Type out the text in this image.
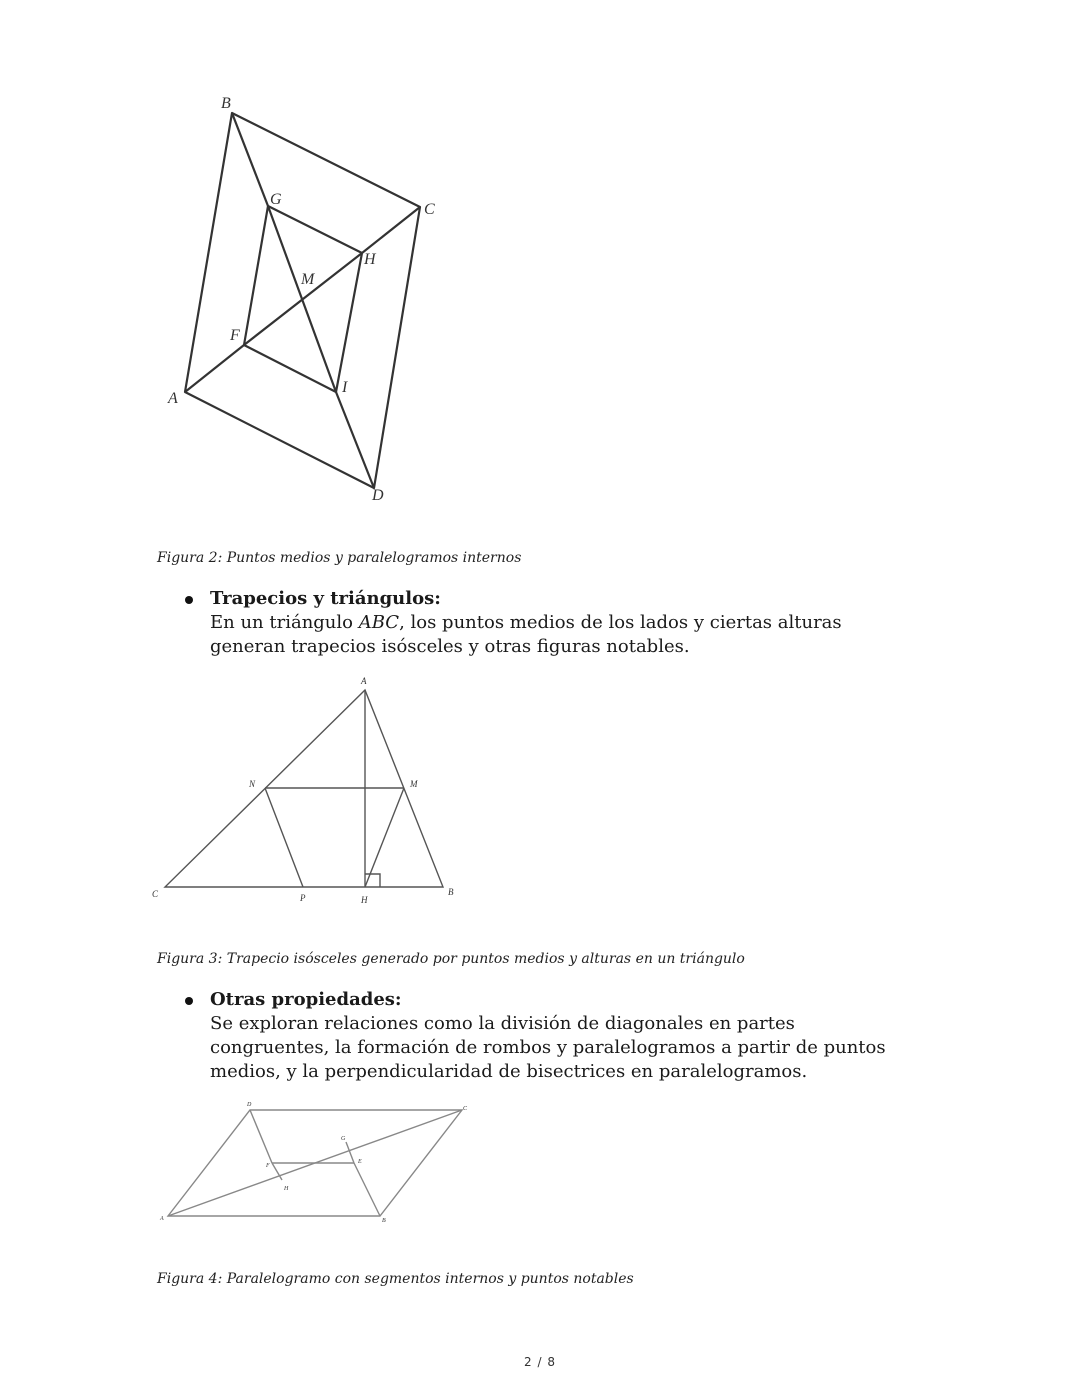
B
C
A
D
G
H
M
F
I
Figura 2: Puntos medios y paralelogramos internos
Trapecios y triángulos:
En un triángulo ABC, los puntos medios de los lados y ciertas alturas generan trapecios isósceles y otras figuras notables.
A
N	M
C	P	H
B
Figura 3: Trapecio isósceles generado por puntos medios y alturas en un triángulo
Otras propiedades:
Se exploran relaciones como la división de diagonales en partes congruentes, la formación de rombos y paralelogramos a partir de puntos medios, y la perpendicularidad de bisectrices en paralelogramos.
D
C
G
E
F
H
A	B
Figura 4: Paralelogramo con segmentos internos y puntos notables
2 / 8
